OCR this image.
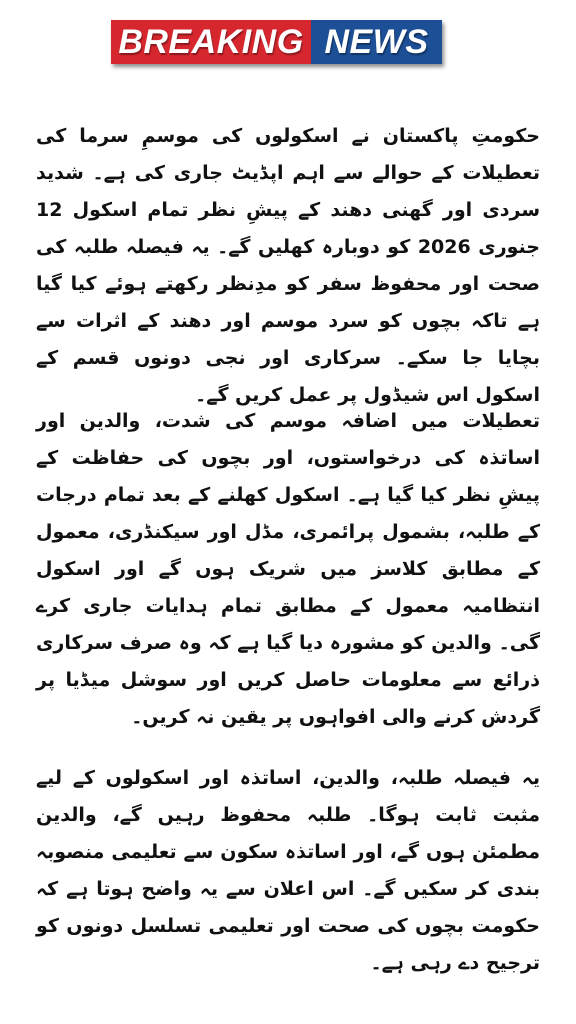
BREAKING NEWS

حکومتِ پاکستان نے اسکولوں کی موسمِ سرما کی تعطیلات کے حوالے سے اہم اپڈیٹ جاری کی ہے۔ شدید سردی اور گھنی دھند کے پیشِ نظر تمام اسکول 12 جنوری 2026 کو دوبارہ کھلیں گے۔ یہ فیصلہ طلبہ کی صحت اور محفوظ سفر کو مدِنظر رکھتے ہوئے کیا گیا ہے تاکہ بچوں کو سرد موسم اور دھند کے اثرات سے بچایا جا سکے۔ سرکاری اور نجی دونوں قسم کے اسکول اس شیڈول پر عمل کریں گے۔

تعطیلات میں اضافہ موسم کی شدت، والدین اور اساتذہ کی درخواستوں، اور بچوں کی حفاظت کے پیشِ نظر کیا گیا ہے۔ اسکول کھلنے کے بعد تمام درجات کے طلبہ، بشمول پرائمری، مڈل اور سیکنڈری، معمول کے مطابق کلاسز میں شریک ہوں گے اور اسکول انتظامیہ معمول کے مطابق تمام ہدایات جاری کرے گی۔ والدین کو مشورہ دیا گیا ہے کہ وہ صرف سرکاری ذرائع سے معلومات حاصل کریں اور سوشل میڈیا پر گردش کرنے والی افواہوں پر یقین نہ کریں۔

یہ فیصلہ طلبہ، والدین، اساتذہ اور اسکولوں کے لیے مثبت ثابت ہوگا۔ طلبہ محفوظ رہیں گے، والدین مطمئن ہوں گے، اور اساتذہ سکون سے تعلیمی منصوبہ بندی کر سکیں گے۔ اس اعلان سے یہ واضح ہوتا ہے کہ حکومت بچوں کی صحت اور تعلیمی تسلسل دونوں کو ترجیح دے رہی ہے۔
